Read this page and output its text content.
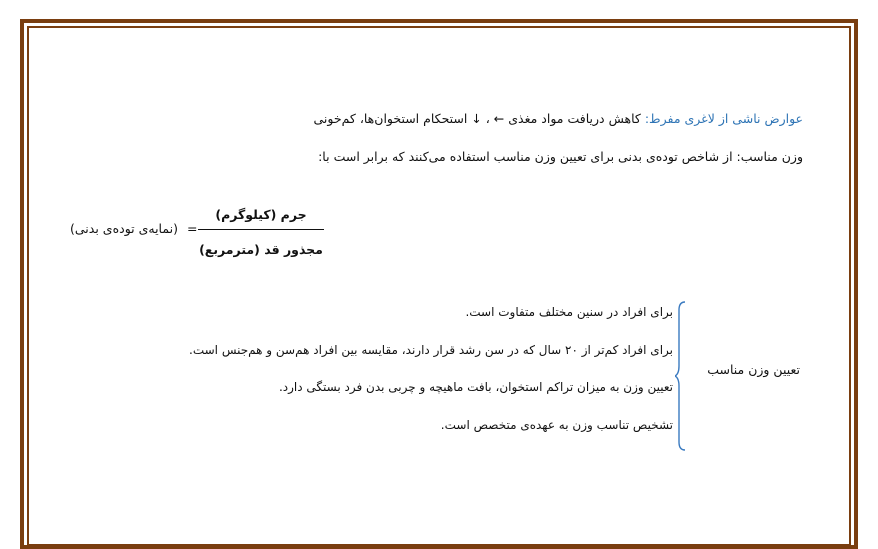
عوارض ناشی از لاغری مفرط: کاهش دریافت مواد مغذی ← ، ↓ استحکام استخوان‌ها، کم‌خونی
وزن مناسب: از شاخص توده‌ی بدنی برای تعیین وزن مناسب استفاده می‌کنند که برابر است با:
(نمایه‌ی توده‌ی بدنی) =
جرم (کیلوگرم)
مجذور قد (مترمربع)
تعیین وزن مناسب
برای افراد در سنین مختلف متفاوت است.
برای افراد کم‌تر از ۲۰ سال که در سن رشد قرار دارند، مقایسه بین افراد هم‌سن و هم‌جنس است.
تعیین وزن به میزان تراکم استخوان، بافت ماهیچه و چربی بدن فرد بستگی دارد.
تشخیص تناسب وزن به عهده‌ی متخصص است.
